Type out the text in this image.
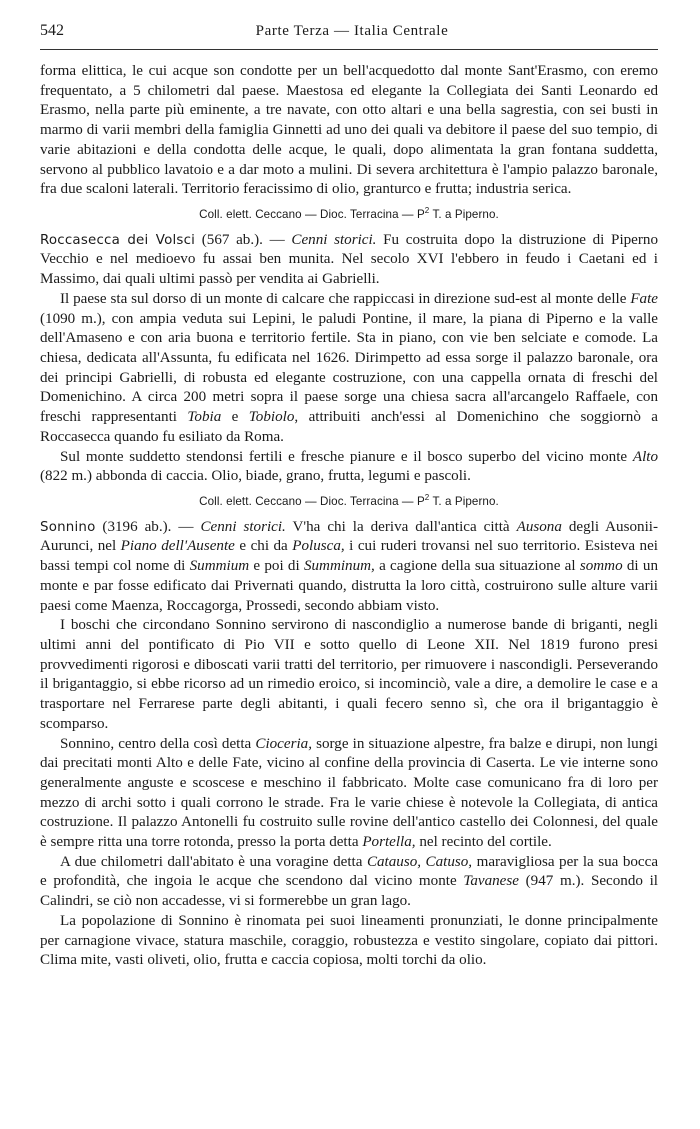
542	Parte Terza — Italia Centrale

forma elittica, le cui acque son condotte per un bell'acquedotto dal monte Sant'Erasmo, con eremo frequentato, a 5 chilometri dal paese. Maestosa ed elegante la Collegiata dei Santi Leonardo ed Erasmo, nella parte più eminente, a tre navate, con otto altari e una bella sagrestia, con sei busti in marmo di varii membri della famiglia Ginnetti ad uno dei quali va debitore il paese del suo tempio, di varie abitazioni e della condotta delle acque, le quali, dopo alimentata la gran fontana suddetta, servono al pubblico lavatoio e a dar moto a mulini. Di severa architettura è l'ampio palazzo baronale, fra due scaloni laterali. Territorio feracissimo di olio, granturco e frutta; industria serica.

Coll. elett. Ceccano — Dioc. Terracina — $P^2$ T. a Piperno.

Roccasecca dei Volsci (567 ab.). — Cenni storici. Fu costruita dopo la distruzione di Piperno Vecchio e nel medioevo fu assai ben munita. Nel secolo XVI l'ebbero in feudo i Caetani ed i Massimo, dai quali ultimi passò per vendita ai Gabrielli.

Il paese sta sul dorso di un monte di calcare che rappiccasi in direzione sud-est al monte delle Fate (1090 m.), con ampia veduta sui Lepini, le paludi Pontine, il mare, la piana di Piperno e la valle dell'Amaseno e con aria buona e territorio fertile. Sta in piano, con vie ben selciate e comode. La chiesa, dedicata all'Assunta, fu edificata nel 1626. Dirimpetto ad essa sorge il palazzo baronale, ora dei principi Gabrielli, di robusta ed elegante costruzione, con una cappella ornata di freschi del Domenichino. A circa 200 metri sopra il paese sorge una chiesa sacra all'arcangelo Raffaele, con freschi rappresentanti Tobia e Tobiolo, attribuiti anch'essi al Domenichino che soggiornò a Roccasecca quando fu esiliato da Roma.

Sul monte suddetto stendonsi fertili e fresche pianure e il bosco superbo del vicino monte Alto (822 m.) abbonda di caccia. Olio, biade, grano, frutta, legumi e pascoli.

Coll. elett. Ceccano — Dioc. Terracina — $P^2$ T. a Piperno.

Sonnino (3196 ab.). — Cenni storici. V'ha chi la deriva dall'antica città Ausona degli Ausonii-Aurunci, nel Piano dell'Ausente e chi da Polusca, i cui ruderi trovansi nel suo territorio. Esisteva nei bassi tempi col nome di Summium e poi di Summinum, a cagione della sua situazione al sommo di un monte e par fosse edificato dai Privernati quando, distrutta la loro città, costruirono sulle alture varii paesi come Maenza, Roccagorga, Prossedi, secondo abbiam visto.

I boschi che circondano Sonnino servirono di nascondiglio a numerose bande di briganti, negli ultimi anni del pontificato di Pio VII e sotto quello di Leone XII. Nel 1819 furono presi provvedimenti rigorosi e diboscati varii tratti del territorio, per rimuovere i nascondigli. Perseverando il brigantaggio, si ebbe ricorso ad un rimedio eroico, si incominciò, vale a dire, a demolire le case e a trasportare nel Ferrarese parte degli abitanti, i quali fecero senno sì, che ora il brigantaggio è scomparso.

Sonnino, centro della così detta Cioceria, sorge in situazione alpestre, fra balze e dirupi, non lungi dai precitati monti Alto e delle Fate, vicino al confine della provincia di Caserta. Le vie interne sono generalmente anguste e scoscese e meschino il fabbricato. Molte case comunicano fra di loro per mezzo di archi sotto i quali corrono le strade. Fra le varie chiese è notevole la Collegiata, di antica costruzione. Il palazzo Antonelli fu costruito sulle rovine dell'antico castello dei Colonnesi, del quale è sempre ritta una torre rotonda, presso la porta detta Portella, nel recinto del cortile.

A due chilometri dall'abitato è una voragine detta Catauso, Catuso, maravigliosa per la sua bocca e profondità, che ingoia le acque che scendono dal vicino monte Tavanese (947 m.). Secondo il Calindri, se ciò non accadesse, vi si formerebbe un gran lago.

La popolazione di Sonnino è rinomata pei suoi lineamenti pronunziati, le donne principalmente per carnagione vivace, statura maschile, coraggio, robustezza e vestito singolare, copiato dai pittori. Clima mite, vasti oliveti, olio, frutta e caccia copiosa, molti torchi da olio.
